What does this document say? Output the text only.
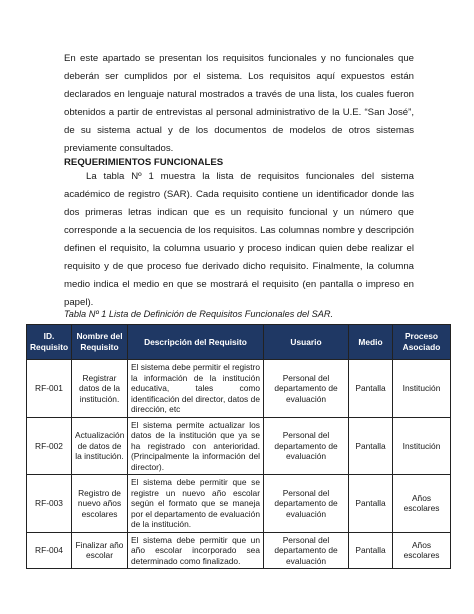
En este apartado se presentan los requisitos funcionales y no funcionales que deberán ser cumplidos por el sistema. Los requisitos aquí expuestos están declarados en lenguaje natural mostrados a través de una lista, los cuales fueron obtenidos a partir de entrevistas al personal administrativo de la U.E. “San José”, de su sistema actual y de los documentos de modelos de otros sistemas previamente consultados.

REQUERIMIENTOS FUNCIONALES

La tabla Nº 1 muestra la lista de requisitos funcionales del sistema académico de registro (SAR). Cada requisito contiene un identificador donde las dos primeras letras indican que es un requisito funcional y un número que corresponde a la secuencia de los requisitos. Las columnas nombre y descripción definen el requisito, la columna usuario y proceso indican quien debe realizar el requisito y de que proceso fue derivado dicho requisito. Finalmente, la columna medio indica el medio en que se mostrará el requisito (en pantalla o impreso en papel).

Tabla Nº 1 Lista de Definición de Requisitos Funcionales del SAR.

ID. Requisito	Nombre del Requisito	Descripción del Requisito	Usuario	Medio	Proceso Asociado
RF-001	Registrar datos de la institución.	El sistema debe permitir el registro la información de la institución educativa, tales como identificación del director, datos de dirección, etc	Personal del departamento de evaluación	Pantalla	Institución
RF-002	Actualización de datos de la institución.	El sistema permite actualizar los datos de la institución que ya se ha registrado con anterioridad. (Principalmente la información del director).	Personal del departamento de evaluación	Pantalla	Institución
RF-003	Registro de nuevo años escolares	El sistema debe permitir que se registre un nuevo año escolar según el formato que se maneja por el departamento de evaluación de la institución.	Personal del departamento de evaluación	Pantalla	Años escolares
RF-004	Finalizar año escolar	El sistema debe permitir que un año escolar incorporado sea determinado como finalizado.	Personal del departamento de evaluación	Pantalla	Años escolares
